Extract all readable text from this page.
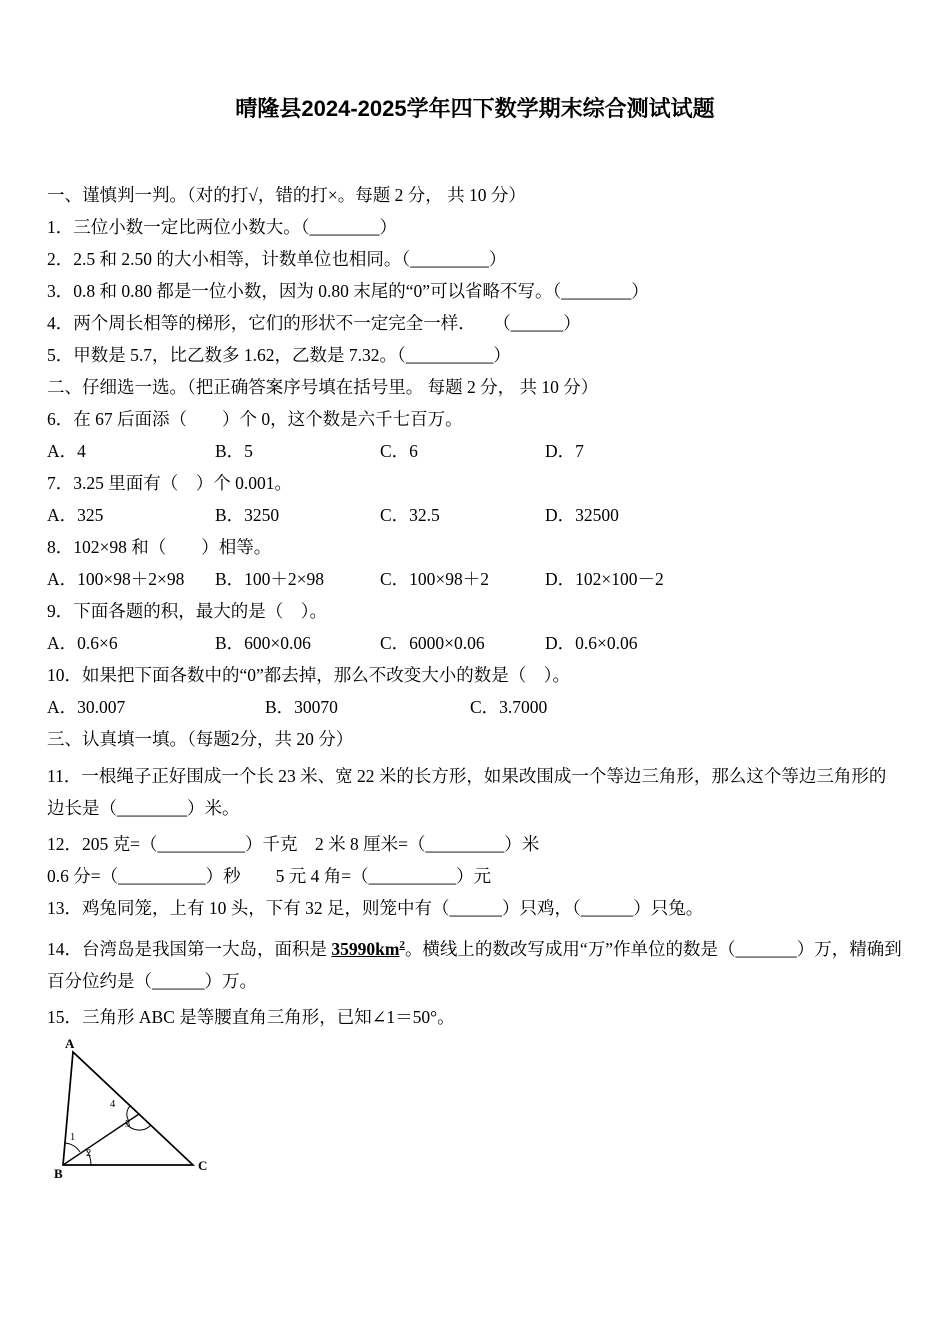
晴隆县2024-2025学年四下数学期末综合测试试题

一、谨慎判一判。（对的打√，错的打×。每题 2 分， 共 10 分）

1．三位小数一定比两位小数大。（________）

2．2.5 和 2.50 的大小相等，计数单位也相同。（_________）

3．0.8 和 0.80 都是一位小数，因为 0.80 末尾的“0”可以省略不写。（________）

4．两个周长相等的梯形，它们的形状不一定完全一样．　　（______）

5．甲数是 5.7，比乙数多 1.62，乙数是 7.32。（__________）

二、仔细选一选。（把正确答案序号填在括号里。 每题 2 分， 共 10 分）

6．在 67 后面添（　　）个 0，这个数是六千七百万。

A．4	B．5	C．6	D．7

7．3.25 里面有（　）个 0.001。

A．325	B．3250	C．32.5	D．32500

8．102×98 和（　　）相等。

A．100×98＋2×98	B．100＋2×98	C．100×98＋2	D．102×100－2

9．下面各题的积，最大的是（　）。

A．0.6×6	B．600×0.06	C．6000×0.06	D．0.6×0.06

10．如果把下面各数中的“0”都去掉，那么不改变大小的数是（　）。

A．30.007	B．30070	C．3.7000

三、认真填一填。（每题2分，共 20 分）

11．一根绳子正好围成一个长 23 米、宽 22 米的长方形，如果改围成一个等边三角形，那么这个等边三角形的边长是（________）米。

12．205 克=（__________）千克　2 米 8 厘米=（_________）米

0.6 分=（__________）秒　　5 元 4 角=（__________）元

13．鸡兔同笼，上有 10 头，下有 32 足，则笼中有（______）只鸡，（______）只兔。

14．台湾岛是我国第一大岛，面积是 $35990km^2$。横线上的数改写成用“万”作单位的数是（_______）万，精确到百分位约是（______）万。

15．三角形 ABC 是等腰直角三角形，已知∠1＝50°。

A
B
C
1
2
3
4
